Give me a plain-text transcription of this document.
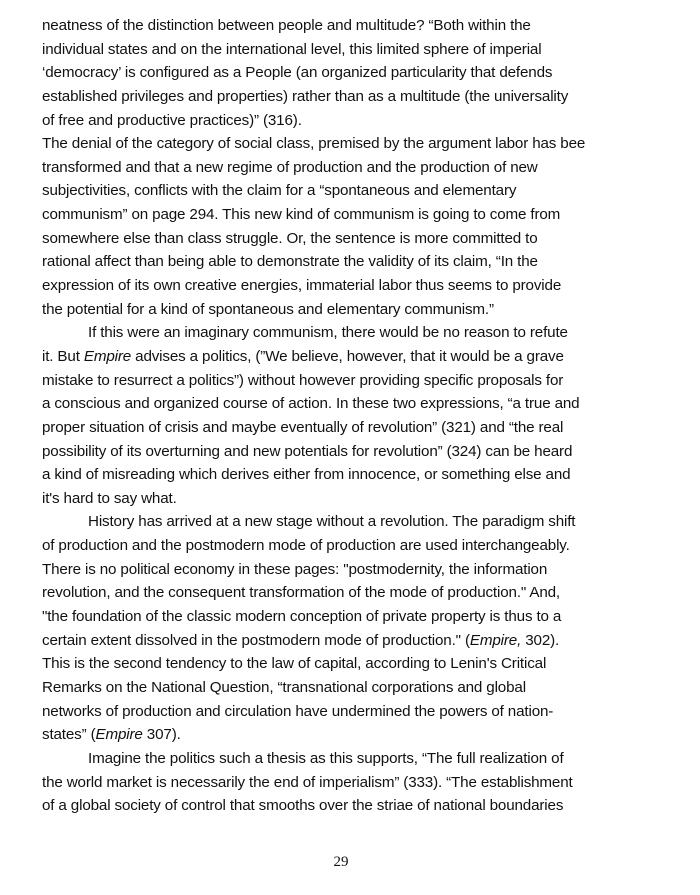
neatness of the distinction between people and multitude? “Both within the
individual states and on the international level, this limited sphere of imperial
‘democracy’ is configured as a People (an organized particularity that defends
established privileges and properties) rather than as a multitude (the universality
of free and productive practices)” (316).
The denial of the category of social class, premised by the argument labor has bee
transformed and that a new regime of production and the production of new
subjectivities, conflicts with the claim for a “spontaneous and elementary
communism” on page 294. This new kind of communism is going to come from
somewhere else than class struggle. Or, the sentence is more committed to
rational affect than being able to demonstrate the validity of its claim, “In the
expression of its own creative energies, immaterial labor thus seems to provide
the potential for a kind of spontaneous and elementary communism.”
If this were an imaginary communism, there would be no reason to refute
it. But Empire advises a politics, (”We believe, however, that it would be a grave
mistake to resurrect a politics”) without however providing specific proposals for
a conscious and organized course of action. In these two expressions, “a true and
proper situation of crisis and maybe eventually of revolution” (321) and “the real
possibility of its overturning and new potentials for revolution” (324) can be heard
a kind of misreading which derives either from innocence, or something else and
it's hard to say what.
History has arrived at a new stage without a revolution. The paradigm shift
of production and the postmodern mode of production are used interchangeably.
There is no political economy in these pages: "postmodernity, the information
revolution, and the consequent transformation of the mode of production." And,
"the foundation of the classic modern conception of private property is thus to a
certain extent dissolved in the postmodern mode of production." (Empire, 302).
This is the second tendency to the law of capital, according to Lenin's Critical
Remarks on the National Question, “transnational corporations and global
networks of production and circulation have undermined the powers of nation-
states” (Empire 307).
Imagine the politics such a thesis as this supports, “The full realization of
the world market is necessarily the end of imperialism” (333). “The establishment
of a global society of control that smooths over the striae of national boundaries
29
